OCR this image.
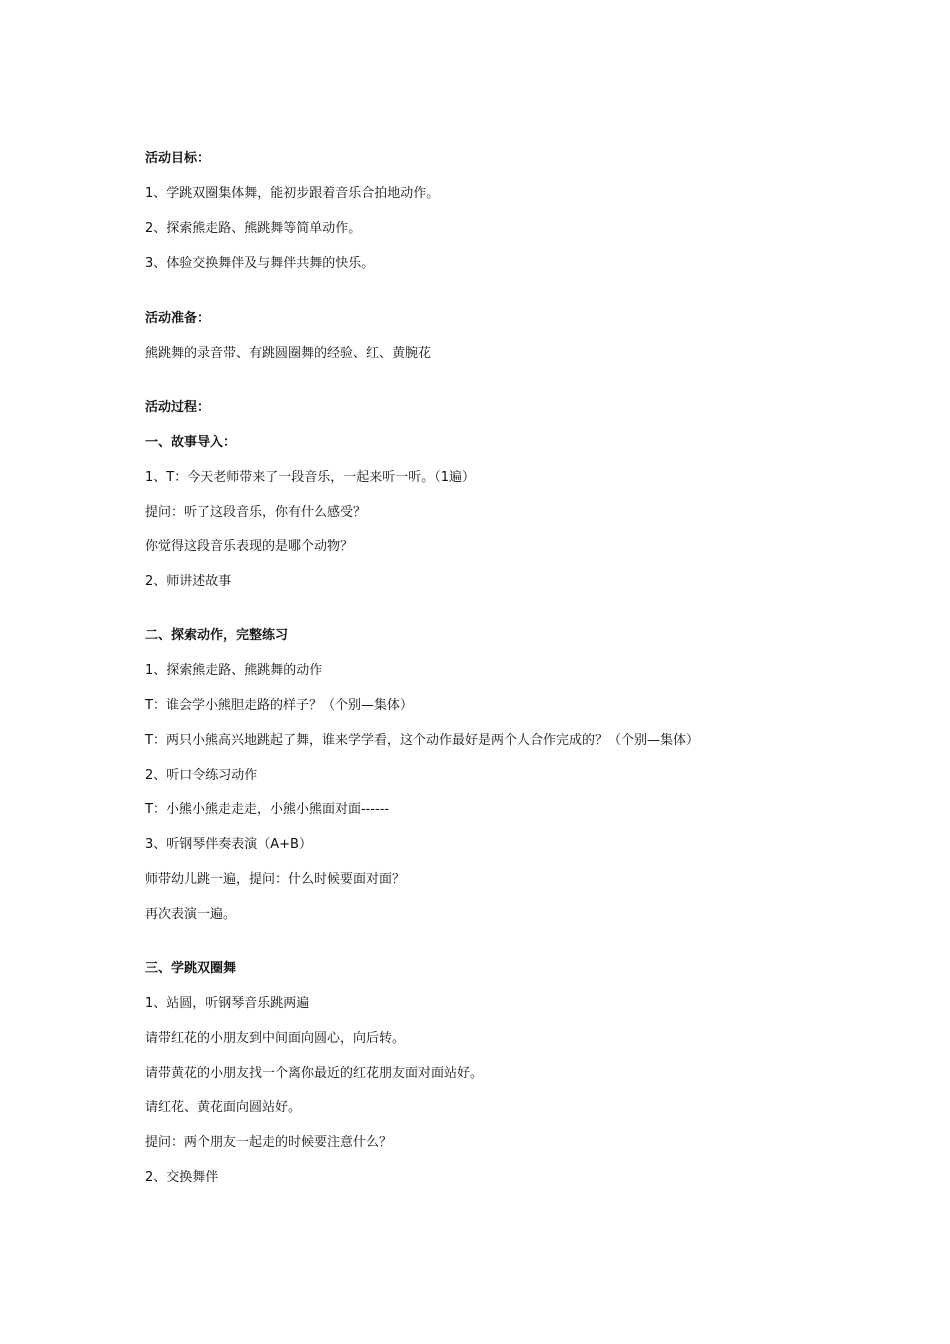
活动目标：
1、学跳双圈集体舞，能初步跟着音乐合拍地动作。
2、探索熊走路、熊跳舞等简单动作。
3、体验交换舞伴及与舞伴共舞的快乐。
活动准备：
熊跳舞的录音带、有跳圆圈舞的经验、红、黄腕花
活动过程：
一、故事导入：
1、T：今天老师带来了一段音乐，一起来听一听。（1遍）
提问：听了这段音乐，你有什么感受？
你觉得这段音乐表现的是哪个动物？
2、师讲述故事
二、探索动作，完整练习
1、探索熊走路、熊跳舞的动作
T：谁会学小熊胆走路的样子？（个别—集体）
T：两只小熊高兴地跳起了舞，谁来学学看，这个动作最好是两个人合作完成的？（个别—集体）
2、听口令练习动作
T：小熊小熊走走走，小熊小熊面对面------
3、听钢琴伴奏表演（A+B）
师带幼儿跳一遍，提问：什么时候要面对面？
再次表演一遍。
三、学跳双圈舞
1、站圆，听钢琴音乐跳两遍
请带红花的小朋友到中间面向圆心，向后转。
请带黄花的小朋友找一个离你最近的红花朋友面对面站好。
请红花、黄花面向圆站好。
提问：两个朋友一起走的时候要注意什么？
2、交换舞伴
